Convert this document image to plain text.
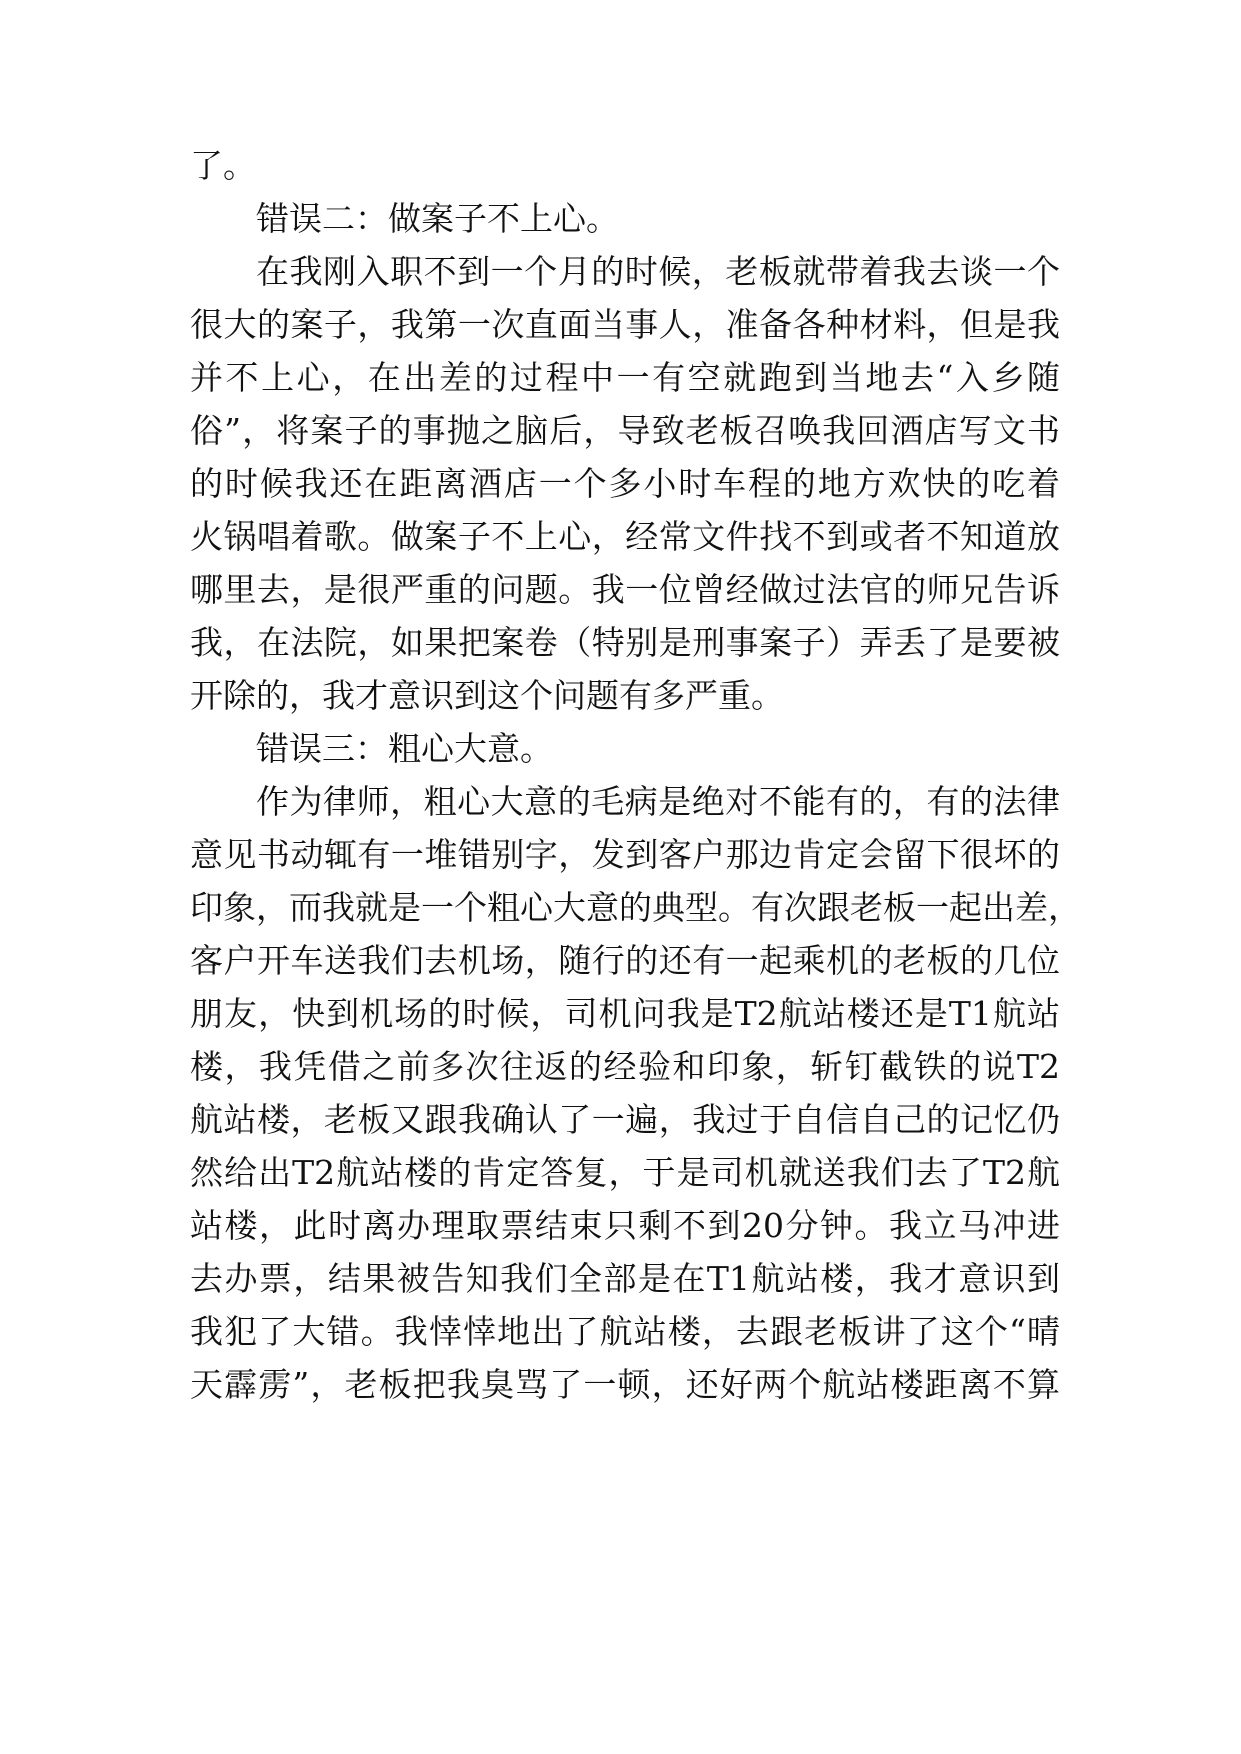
了。

错误二：做案子不上心。

在我刚入职不到一个月的时候，老板就带着我去谈一个

很大的案子，我第一次直面当事人，准备各种材料，但是我

并不上心，在出差的过程中一有空就跑到当地去“入乡随

俗”，将案子的事抛之脑后，导致老板召唤我回酒店写文书

的时候我还在距离酒店一个多小时车程的地方欢快的吃着

火锅唱着歌。做案子不上心，经常文件找不到或者不知道放

哪里去，是很严重的问题。我一位曾经做过法官的师兄告诉

我，在法院，如果把案卷（特别是刑事案子）弄丢了是要被

开除的，我才意识到这个问题有多严重。

错误三：粗心大意。

作为律师，粗心大意的毛病是绝对不能有的，有的法律

意见书动辄有一堆错别字，发到客户那边肯定会留下很坏的

印象，而我就是一个粗心大意的典型。有次跟老板一起出差，

客户开车送我们去机场，随行的还有一起乘机的老板的几位

朋友，快到机场的时候，司机问我是T2航站楼还是T1航站

楼，我凭借之前多次往返的经验和印象，斩钉截铁的说T2

航站楼，老板又跟我确认了一遍，我过于自信自己的记忆仍

然给出T2航站楼的肯定答复，于是司机就送我们去了T2航

站楼，此时离办理取票结束只剩不到20分钟。我立马冲进

去办票，结果被告知我们全部是在T1航站楼，我才意识到

我犯了大错。我悻悻地出了航站楼，去跟老板讲了这个“晴

天霹雳”，老板把我臭骂了一顿，还好两个航站楼距离不算
